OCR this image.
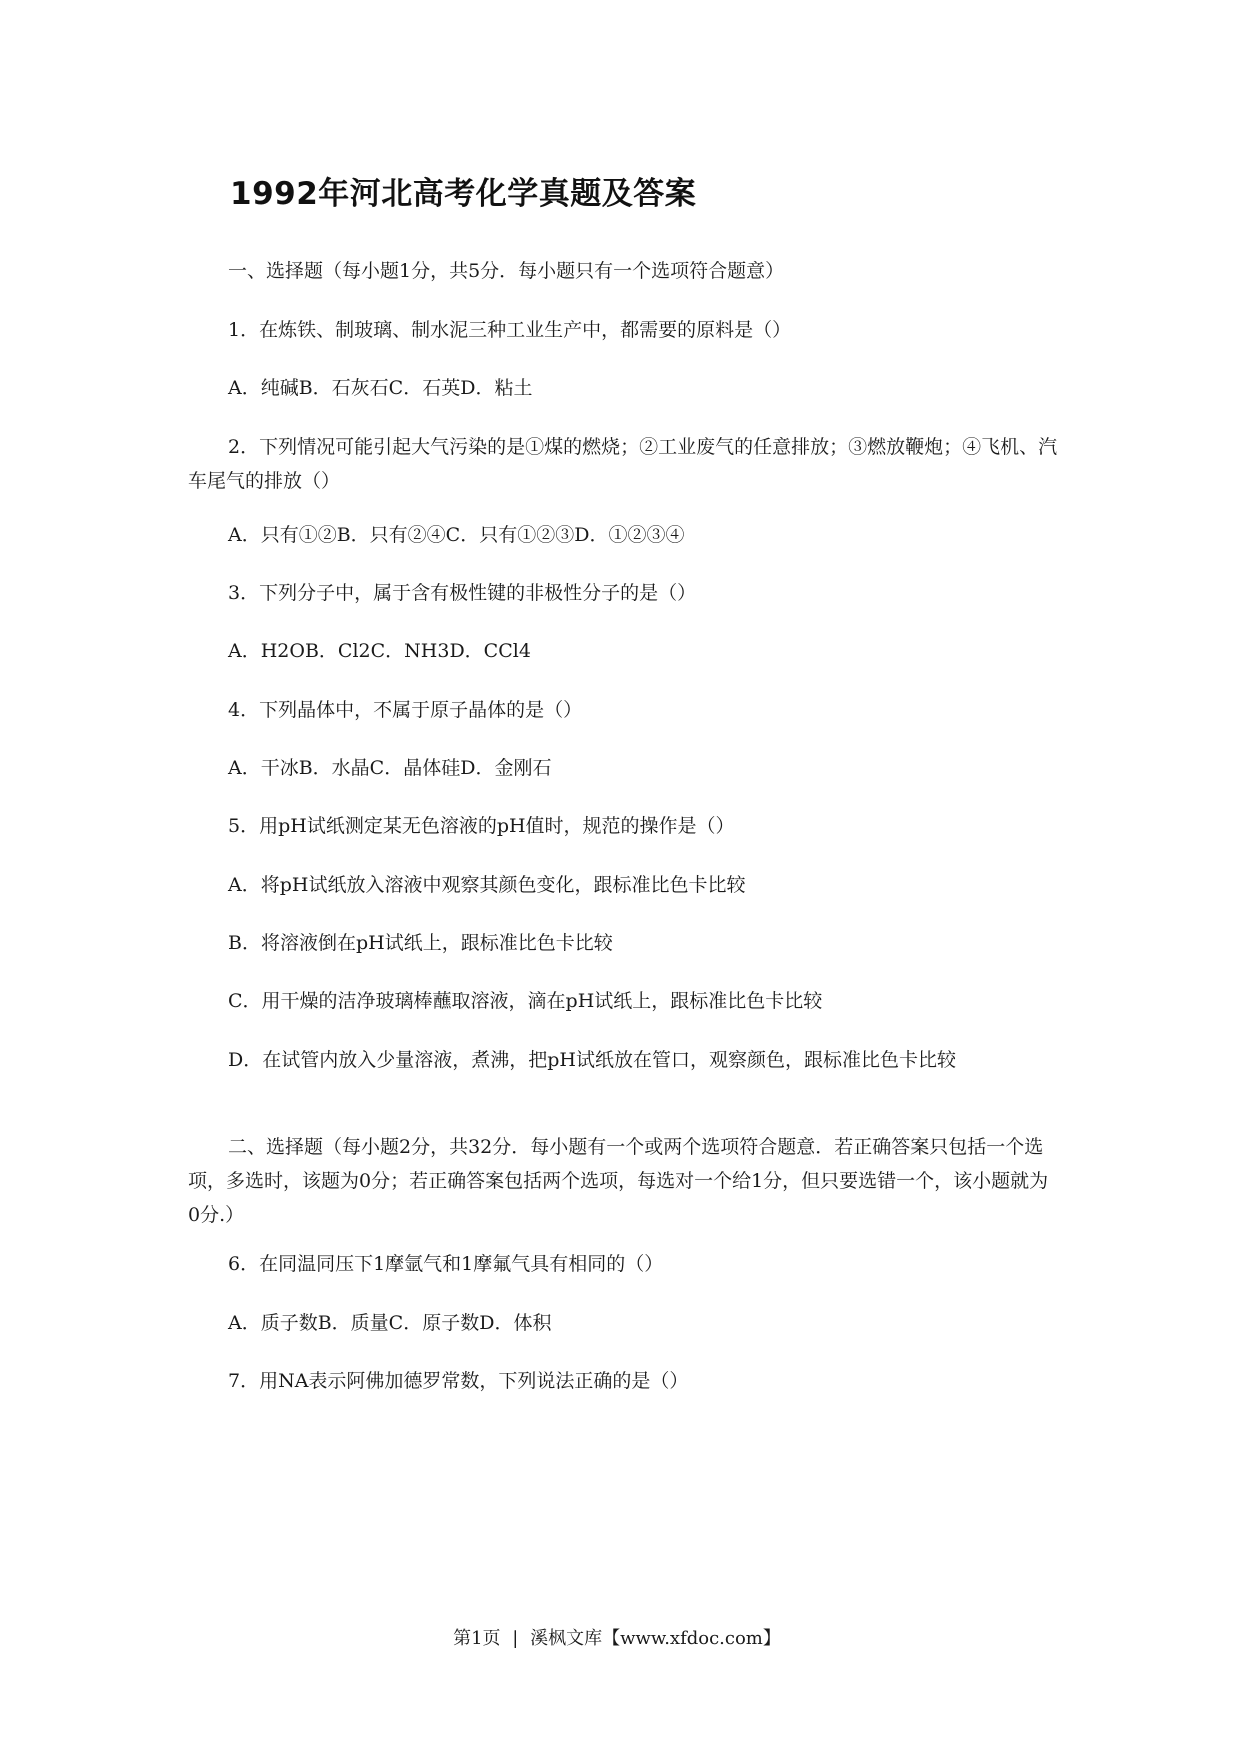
1992年河北高考化学真题及答案

一、选择题（每小题1分，共5分．每小题只有一个选项符合题意）

1．在炼铁、制玻璃、制水泥三种工业生产中，都需要的原料是（）

A．纯碱B．石灰石C．石英D．粘土

2．下列情况可能引起大气污染的是①煤的燃烧；②工业废气的任意排放；③燃放鞭炮；④飞机、汽车尾气的排放（）

A．只有①②B．只有②④C．只有①②③D．①②③④

3．下列分子中，属于含有极性键的非极性分子的是（）

A．H2OB．Cl2C．NH3D．CCl4

4．下列晶体中，不属于原子晶体的是（）

A．干冰B．水晶C．晶体硅D．金刚石

5．用pH试纸测定某无色溶液的pH值时，规范的操作是（）

A．将pH试纸放入溶液中观察其颜色变化，跟标准比色卡比较

B．将溶液倒在pH试纸上，跟标准比色卡比较

C．用干燥的洁净玻璃棒蘸取溶液，滴在pH试纸上，跟标准比色卡比较

D．在试管内放入少量溶液，煮沸，把pH试纸放在管口，观察颜色，跟标准比色卡比较

二、选择题（每小题2分，共32分．每小题有一个或两个选项符合题意．若正确答案只包括一个选项，多选时，该题为0分；若正确答案包括两个选项，每选对一个给1分，但只要选错一个，该小题就为0分.）

6．在同温同压下1摩氩气和1摩氟气具有相同的（）

A．质子数B．质量C．原子数D．体积

7．用NA表示阿佛加德罗常数，下列说法正确的是（）

第1页 | 溪枫文库【www.xfdoc.com】
